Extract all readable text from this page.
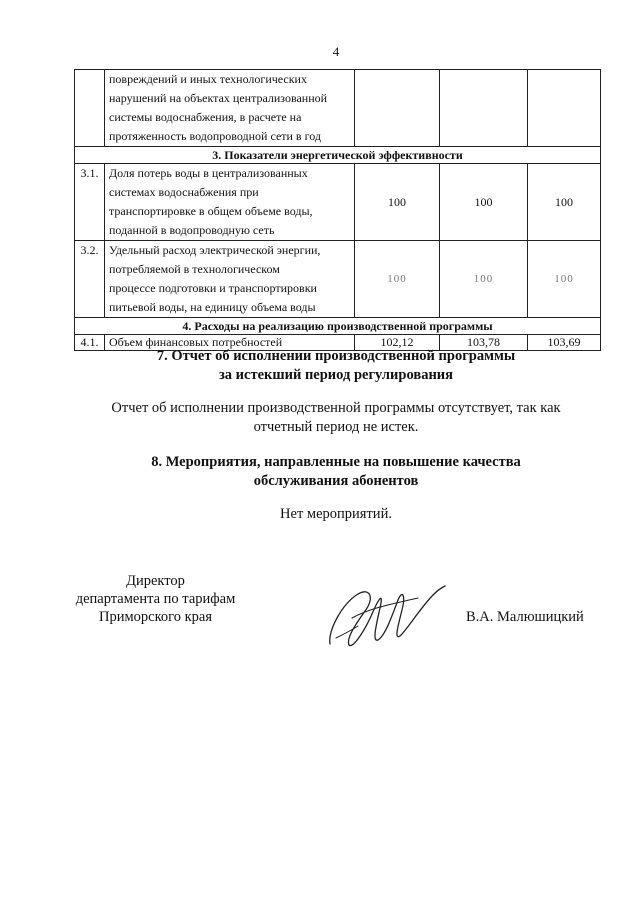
4
	повреждений и иных технологических
нарушений на объектах централизованной
системы водоснабжения, в расчете на
протяженность водопроводной сети в год			
3. Показатели энергетической эффективности				
3.1.	Доля потерь воды в централизованных
системах водоснабжения при
транспортировке в общем объеме воды,
поданной в водопроводную сеть	100	100	100
3.2.	Удельный расход электрической энергии,
потребляемой в технологическом
процессе подготовки и транспортировки
питьевой воды, на единицу объема воды	100	100	100
4. Расходы на реализацию производственной программы				
4.1.	Объем финансовых потребностей	102,12	103,78	103,69
7. Отчет об исполнении производственной программы
за истекший период регулирования
Отчет об исполнении производственной программы отсутствует, так как
отчетный период не истек.
8. Мероприятия, направленные на повышение качества
обслуживания абонентов
Нет мероприятий.
Директор
департамента по тарифам
Приморского края	В.А. Малюшицкий
